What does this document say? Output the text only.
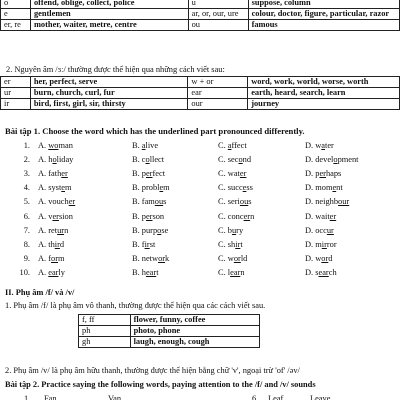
o	offend, oblige, collect, police	u	suppose, column
e	gentlemen	ar, or, our, ure	colour, doctor, figure, particular, razor
er, re	mother, waiter, metre, centre	ou	famous
2. Nguyên âm /ɜː/ thường được thể hiện qua những cách viết sau:
er	her, perfect, serve	w + or	word, work, world, worse, worth
ur	burn, church, curl, fur	ear	earth, heard, search, learn
ir	bird, first, girl, sir, thirsty	our	journey
Bài tập 1. Choose the word which has the underlined part pronounced differently.
1. A. woman	B. alive	C. affect	D. water
2. A. holiday	B. collect	C. second	D. development
3. A. father	B. perfect	C. water	D. perhaps
4. A. system	B. problem	C. success	D. moment
5. A. voucher	B. famous	C. serious	D. neighbour
6. A. version	B. person	C. concern	D. waiter
7. A. return	B. purpose	C. bury	D. occur
8. A. third	B. first	C. shirt	D. mirror
9. A. form	B. network	C. world	D. word
10. A. early	B. heart	C. learn	D. search
II. Phụ âm /f/ và /v/
1. Phụ âm /f/ là phụ âm vô thanh, thường được thể hiện qua các cách viết sau.
f, ff	flower, funny, coffee
ph	photo, phone
gh	laugh, enough, cough
2. Phụ âm /v/ là phụ âm hữu thanh, thường được thể hiện bằng chữ 'v', ngoại trừ 'of' /əv/
Bài tập 2. Practice saying the following words, paying attention to the /f/ and /v/ sounds
1. Fan	Van	6. Leaf	Leave
